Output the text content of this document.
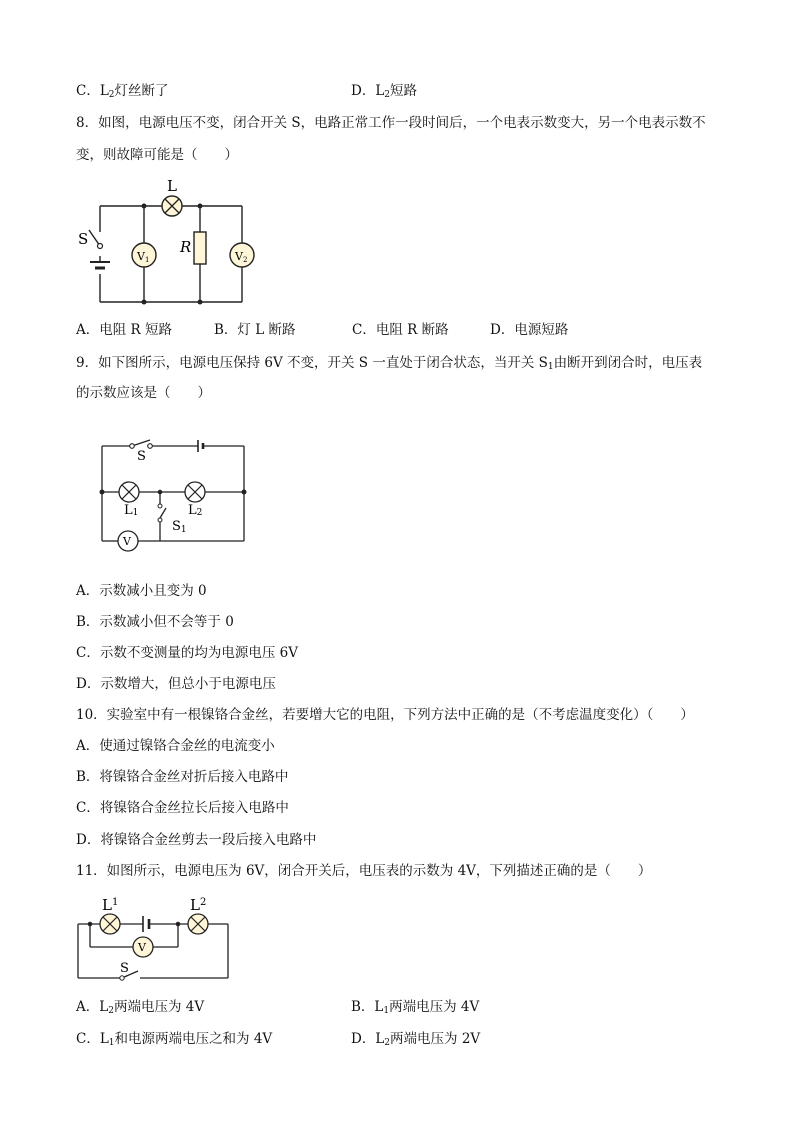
C．$L_2$灯丝断了	D．$L_2$短路
8．如图，电源电压不变，闭合开关 S，电路正常工作一段时间后，一个电表示数变大，另一个电表示数不
变，则故障可能是（　　）
L
S	R
V1	V2
A．电阻 R 短路	B．灯 L 断路	C．电阻 R 断路	D．电源短路
9．如下图所示，电源电压保持 6V 不变，开关 S 一直处于闭合状态，当开关 $S_1$由断开到闭合时，电压表
的示数应该是（　　）
S
L1	L2
S1
V
A．示数减小且变为 0
B．示数减小但不会等于 0
C．示数不变测量的均为电源电压 6V
D．示数增大，但总小于电源电压
10．实验室中有一根镍铬合金丝，若要增大它的电阻，下列方法中正确的是（不考虑温度变化）（　　）
A．使通过镍铬合金丝的电流变小
B．将镍铬合金丝对折后接入电路中
C．将镍铬合金丝拉长后接入电路中
D．将镍铬合金丝剪去一段后接入电路中
11．如图所示，电源电压为 6V，闭合开关后，电压表的示数为 4V，下列描述正确的是（　　）
$L^1$	$L^2$
V
S
A．$L_2$两端电压为 4V	B．$L_1$两端电压为 4V
C．$L_1$和电源两端电压之和为 4V	D．$L_2$两端电压为 2V
